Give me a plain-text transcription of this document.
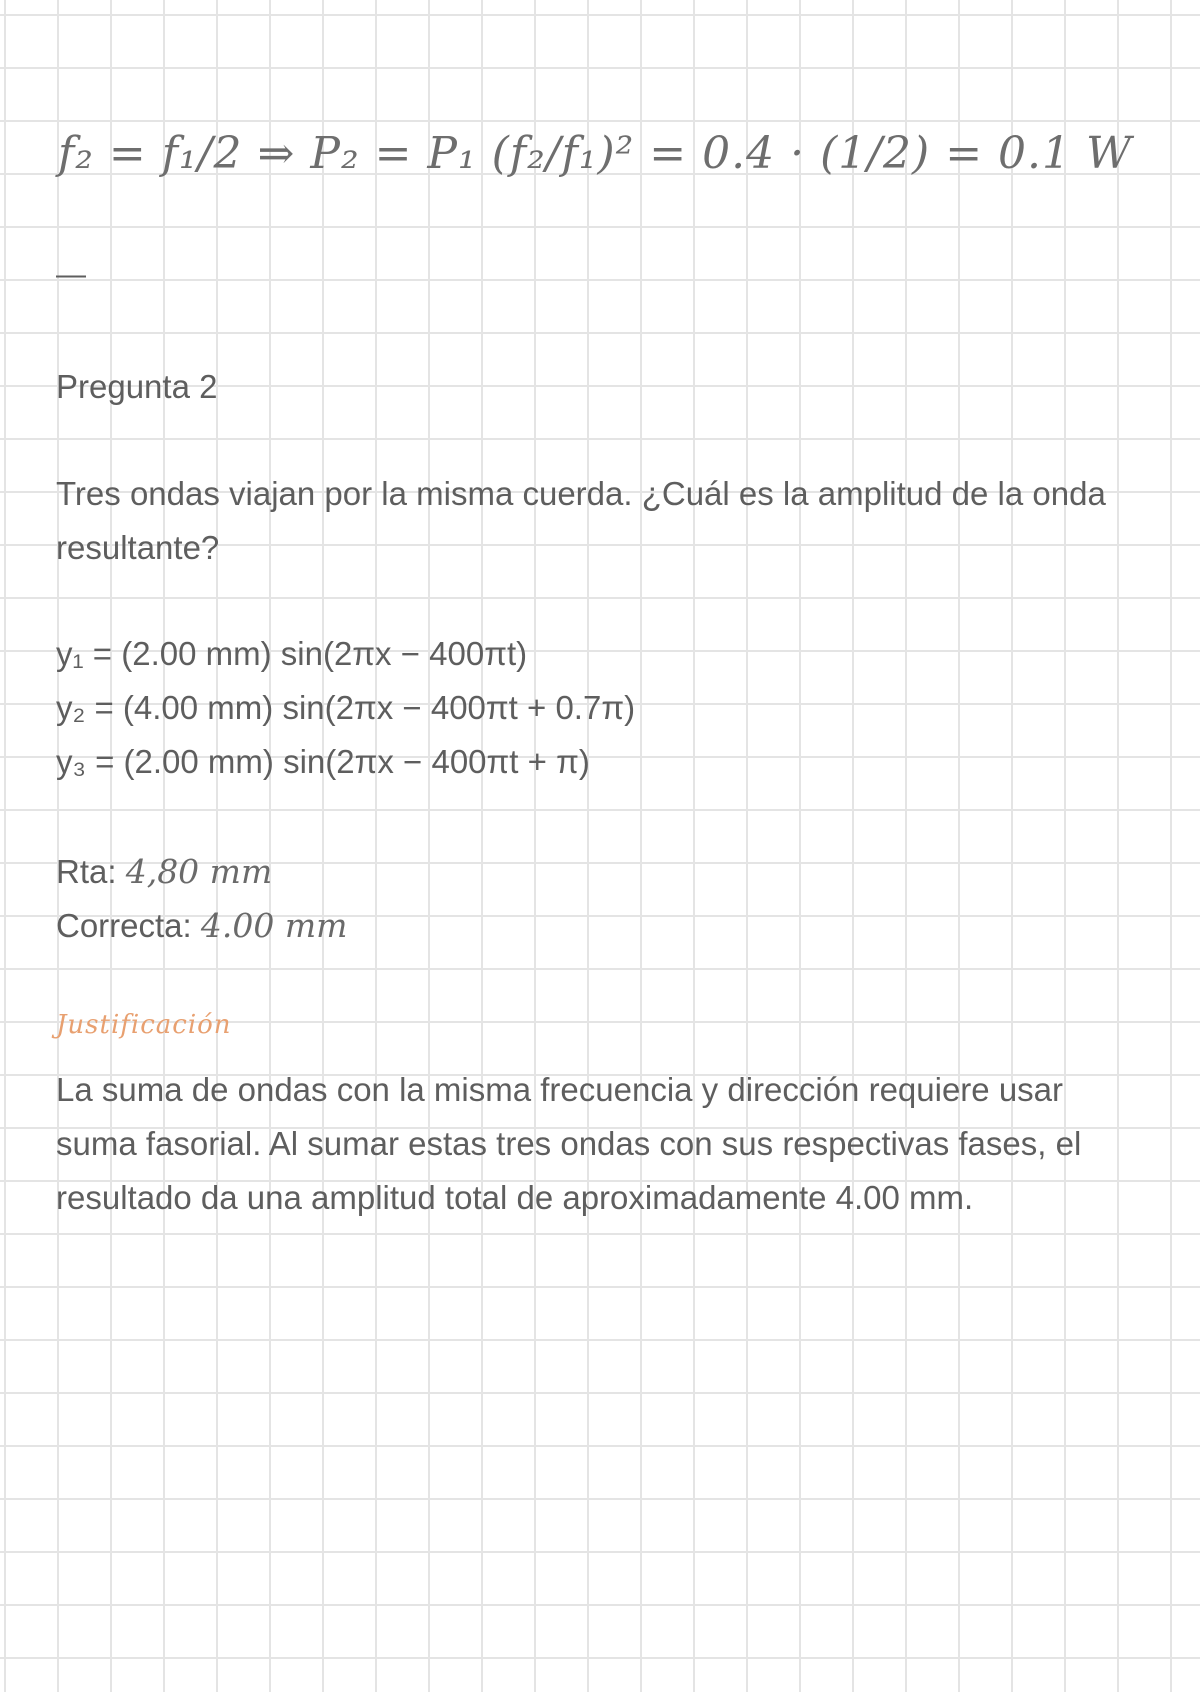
f₂ = f₁/2 ⇒ P₂ = P₁ (f₂/f₁)² = 0.4 · (1/2) = 0.1 W
—
Pregunta 2
Tres ondas viajan por la misma cuerda. ¿Cuál es la amplitud de la onda resultante?
y₁ = (2.00 mm) sin(2πx − 400πt)
y₂ = (4.00 mm) sin(2πx − 400πt + 0.7π)
y₃ = (2.00 mm) sin(2πx − 400πt + π)
Rta: 4,80 mm
Correcta: 4.00 mm
Justificación
La suma de ondas con la misma frecuencia y dirección requiere usar suma fasorial. Al sumar estas tres ondas con sus respectivas fases, el resultado da una amplitud total de aproximadamente 4.00 mm.
